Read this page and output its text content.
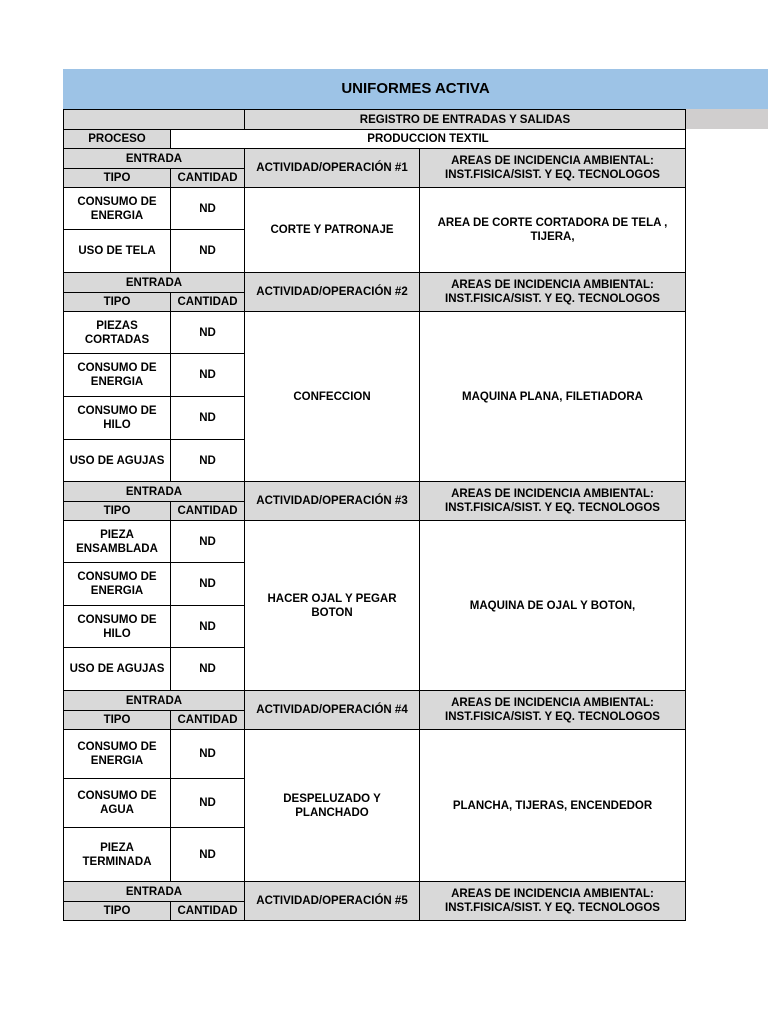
UNIFORMES ACTIVA
		REGISTRO DE ENTRADAS Y SALIDAS	
PROCESO	PRODUCCION TEXTIL		
ENTRADA		ACTIVIDAD/OPERACIÓN #1	AREAS DE INCIDENCIA AMBIENTAL:
INST.FISICA/SIST. Y EQ. TECNOLOGOS
TIPO	CANTIDAD		
CONSUMO DE ENERGIA	ND	CORTE Y PATRONAJE	AREA DE CORTE CORTADORA DE TELA , TIJERA,
USO DE TELA	ND		
ENTRADA		ACTIVIDAD/OPERACIÓN #2	AREAS DE INCIDENCIA AMBIENTAL:
INST.FISICA/SIST. Y EQ. TECNOLOGOS
TIPO	CANTIDAD		
PIEZAS CORTADAS	ND	CONFECCION	MAQUINA PLANA, FILETIADORA
CONSUMO DE ENERGIA	ND		
CONSUMO DE HILO	ND		
USO DE AGUJAS	ND		
ENTRADA		ACTIVIDAD/OPERACIÓN #3	AREAS DE INCIDENCIA AMBIENTAL:
INST.FISICA/SIST. Y EQ. TECNOLOGOS
TIPO	CANTIDAD		
PIEZA ENSAMBLADA	ND	HACER OJAL Y PEGAR BOTON	MAQUINA DE OJAL Y BOTON,
CONSUMO DE ENERGIA	ND		
CONSUMO DE HILO	ND		
USO DE AGUJAS	ND		
ENTRADA		ACTIVIDAD/OPERACIÓN #4	AREAS DE INCIDENCIA AMBIENTAL:
INST.FISICA/SIST. Y EQ. TECNOLOGOS
TIPO	CANTIDAD		
CONSUMO DE ENERGIA	ND	DESPELUZADO Y PLANCHADO	PLANCHA, TIJERAS, ENCENDEDOR
CONSUMO DE AGUA	ND		
PIEZA TERMINADA	ND		
ENTRADA		ACTIVIDAD/OPERACIÓN #5	AREAS DE INCIDENCIA AMBIENTAL:
INST.FISICA/SIST. Y EQ. TECNOLOGOS
TIPO	CANTIDAD		
